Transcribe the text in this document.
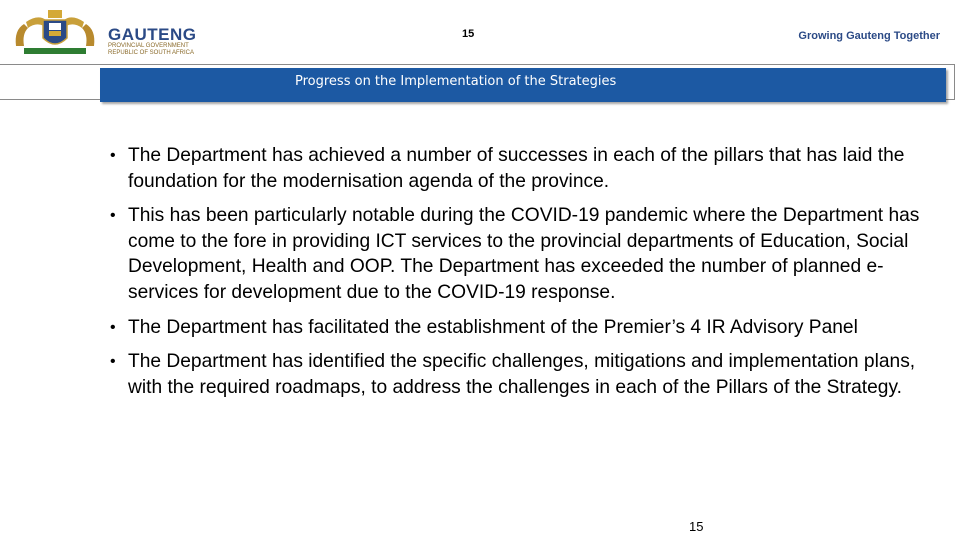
GAUTENG
PROVINCIAL GOVERNMENT
REPUBLIC OF SOUTH AFRICA
15	Growing Gauteng Together
Progress on the Implementation of the Strategies
• The Department has achieved a number of successes in each of the pillars that has laid the foundation for the modernisation agenda of the province.
• This has been particularly notable during the COVID-19 pandemic where the Department has come to the fore in providing ICT services to the provincial departments of Education, Social Development, Health and OOP. The Department has exceeded the number of planned e-services for development due to the COVID-19 response.
• The Department has facilitated the establishment of the Premier’s 4 IR Advisory Panel
• The Department has identified the specific challenges, mitigations and implementation plans, with the required roadmaps, to address the challenges in each of the Pillars of the Strategy.
15
